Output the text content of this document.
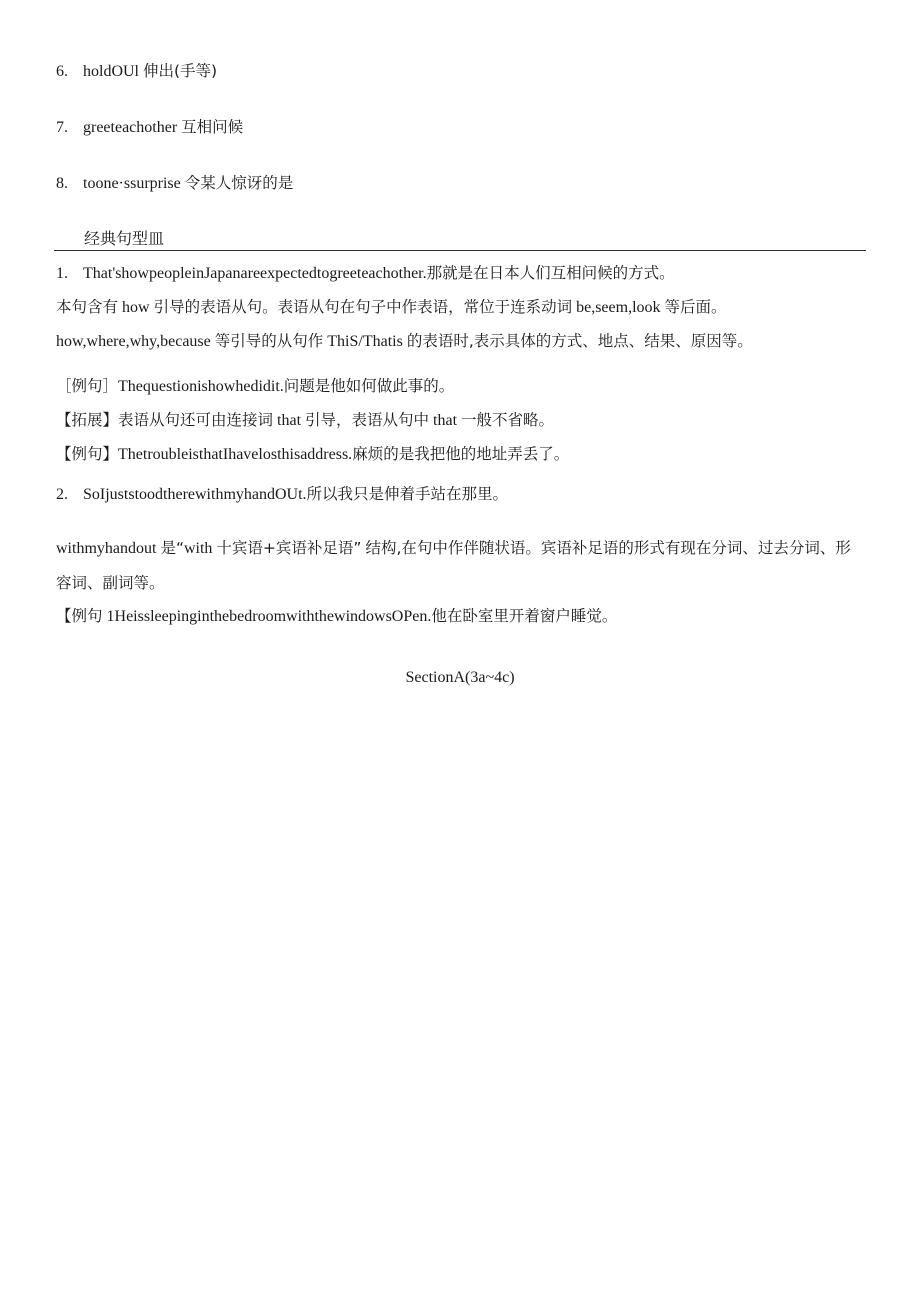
6. holdOUl 伸出(手等)
7. greeteachother 互相问候
8. toone·ssurprise 令某人惊讶的是
经典句型皿
1. That'showpeopleinJapanareexpectedtogreeteachother.那就是在日本人们互相问候的方式。
本句含有 how 引导的表语从句。表语从句在句子中作表语，常位于连系动词 be,seem,look 等后面。
how,where,why,because 等引导的从句作 ThiS/Thatis 的表语时,表示具体的方式、地点、结果、原因等。
［例句］Thequestionishowhedidit.问题是他如何做此事的。
【拓展】表语从句还可由连接词 that 引导，表语从句中 that 一般不省略。
【例句】ThetroubleisthatIhavelosthisaddress.麻烦的是我把他的地址弄丢了。
2. SoIjuststoodtherewithmyhandOUt.所以我只是伸着手站在那里。
withmyhandout 是“with 十宾语+宾语补足语” 结构,在句中作伴随状语。宾语补足语的形式有现在分词、过去分词、形容词、副词等。
【例句 1HeissleepinginthebedroomwiththewindowsOPen.他在卧室里开着窗户睡觉。
SectionA(3a~4c)
